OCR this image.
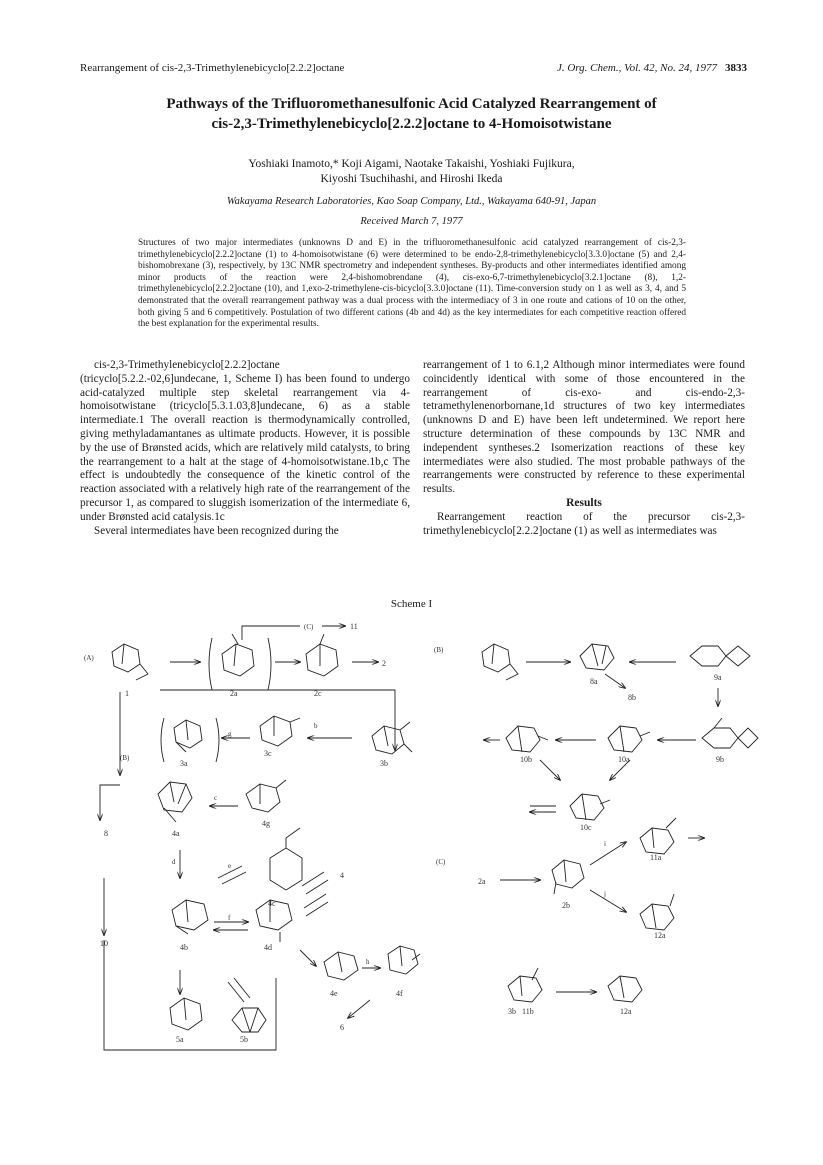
Rearrangement of cis-2,3-Trimethylenebicyclo[2.2.2]octane	J. Org. Chem., Vol. 42, No. 24, 1977 3833
Pathways of the Trifluoromethanesulfonic Acid Catalyzed Rearrangement of
cis-2,3-Trimethylenebicyclo[2.2.2]octane to 4-Homoisotwistane
Yoshiaki Inamoto,* Koji Aigami, Naotake Takaishi, Yoshiaki Fujikura,
Kiyoshi Tsuchihashi, and Hiroshi Ikeda
Wakayama Research Laboratories, Kao Soap Company, Ltd., Wakayama 640-91, Japan
Received March 7, 1977
Structures of two major intermediates (unknowns D and E) in the trifluoromethanesulfonic acid catalyzed rearrangement of cis-2,3-trimethylenebicyclo[2.2.2]octane (1) to 4-homoisotwistane (6) were determined to be endo-2,8-trimethylenebicyclo[3.3.0]octane (5) and 2,4-bishomobrexane (3), respectively, by 13C NMR spectrometry and independent syntheses. By-products and other intermediates identified among minor products of the reaction were 2,4-bishomobrendane (4), cis-exo-6,7-trimethylenebicyclo[3.2.1]octane (8), 1,2-trimethylenebicyclo[2.2.2]octane (10), and 1,exo-2-trimethylene-cis-bicyclo[3.3.0]octane (11). Time-conversion study on 1 as well as 3, 4, and 5 demonstrated that the overall rearrangement pathway was a dual process with the intermediacy of 3 in one route and cations of 10 on the other, both giving 5 and 6 competitively. Postulation of two different cations (4b and 4d) as the key intermediates for each competitive reaction offered the best explanation for the experimental results.

cis-2,3-Trimethylenebicyclo[2.2.2]octane (tricyclo[5.2.2.-02,6]undecane, 1, Scheme I) has been found to undergo acid-catalyzed multiple step skeletal rearrangement via 4-homoisotwistane (tricyclo[5.3.1.03,8]undecane, 6) as a stable intermediate.1 The overall reaction is thermodynamically controlled, giving methyladamantanes as ultimate products. However, it is possible by the use of Brønsted acids, which are relatively mild catalysts, to bring the rearrangement to a halt at the stage of 4-homoisotwistane.1b,c The effect is undoubtedly the consequence of the kinetic control of the reaction associated with a relatively high rate of the rearrangement of the precursor 1, as compared to sluggish isomerization of the intermediate 6, under Brønsted acid catalysis.1c

Several intermediates have been recognized during the

rearrangement of 1 to 6.1,2 Although minor intermediates were found coincidently identical with some of those encountered in the rearrangement of cis-exo- and cis-endo-2,3-tetramethylenenorbornane,1d structures of two key intermediates (unknowns D and E) have been left undetermined. We report here structure determination of these compounds by 13C NMR and independent syntheses.2 Isomerization reactions of these key intermediates were also studied. The most probable pathways of the rearrangements were constructed by reference to these experimental results.

Results

Rearrangement reaction of the precursor cis-2,3-trimethylenebicyclo[2.2.2]octane (1) as well as intermediates was

Scheme I
(A)
(B)
(B)
(C)
(C)
g
b
c
d	e
f
h
i
j
1	2a	2c
2
11
3c
3b
3a
4a
4b
4c
4d
4e	4f
4g
5a	5b
8
10
8a
8b
9a
9b
10a
10b
10c
11a
11b
12a
3b
2a
2b
6
4
12a
